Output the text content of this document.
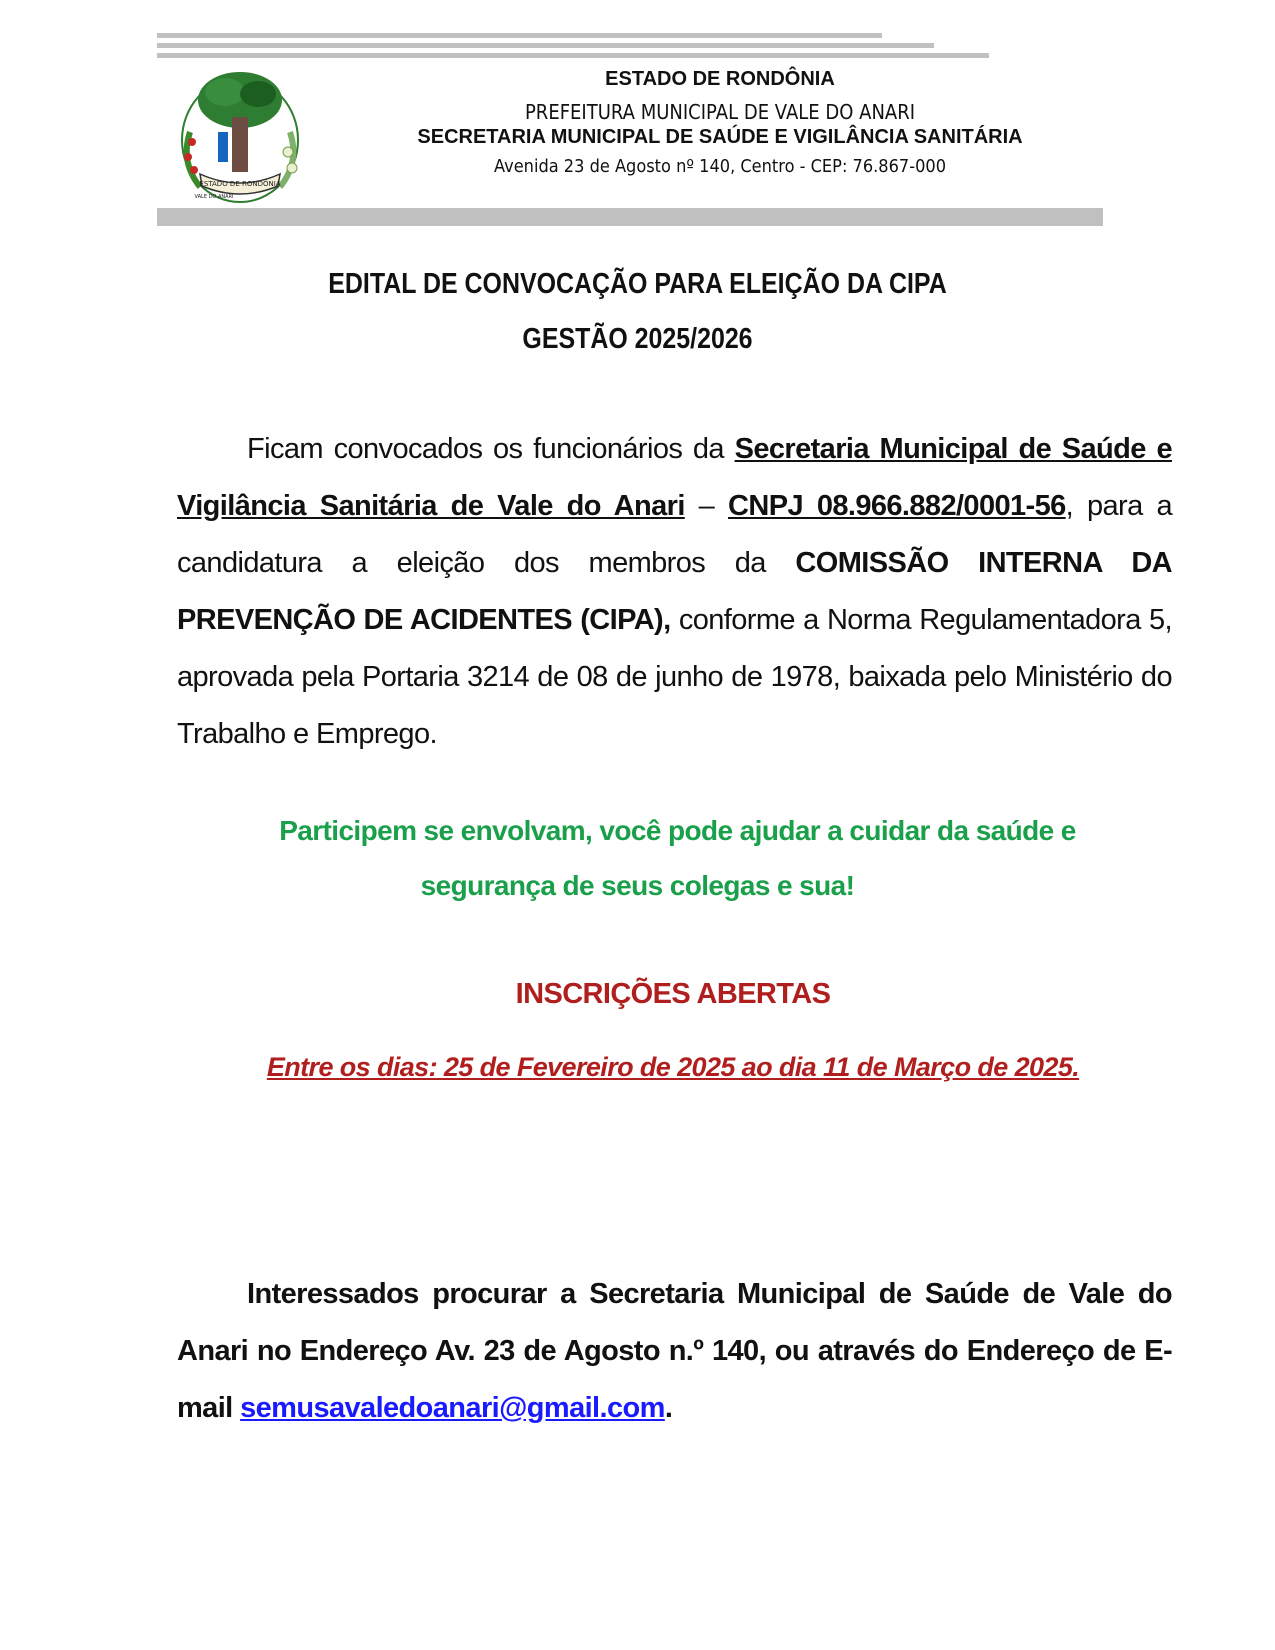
ESTADO DE RONDÔNIA
VALE DO ANARI
ESTADO DE RONDÔNIA
PREFEITURA MUNICIPAL DE VALE DO ANARI
SECRETARIA MUNICIPAL DE SAÚDE E VIGILÂNCIA SANITÁRIA
Avenida 23 de Agosto nº 140, Centro - CEP: 76.867-000
EDITAL DE CONVOCAÇÃO PARA ELEIÇÃO DA CIPA
GESTÃO 2025/2026
Ficam convocados os funcionários da Secretaria Municipal de Saúde e Vigilância Sanitária de Vale do Anari – CNPJ 08.966.882/0001-56, para a candidatura a eleição dos membros da COMISSÃO INTERNA DA PREVENÇÃO DE ACIDENTES (CIPA), conforme a Norma Regulamentadora 5, aprovada pela Portaria 3214 de 08 de junho de 1978, baixada pelo Ministério do Trabalho e Emprego.
Participem se envolvam, você pode ajudar a cuidar da saúde e
segurança de seus colegas e sua!
INSCRIÇÕES ABERTAS
Entre os dias: 25 de Fevereiro de 2025 ao dia 11 de Março de 2025.
Interessados procurar a Secretaria Municipal de Saúde de Vale do Anari no Endereço Av. 23 de Agosto n.º 140, ou através do Endereço de E-mail semusavaledoanari@gmail.com.
